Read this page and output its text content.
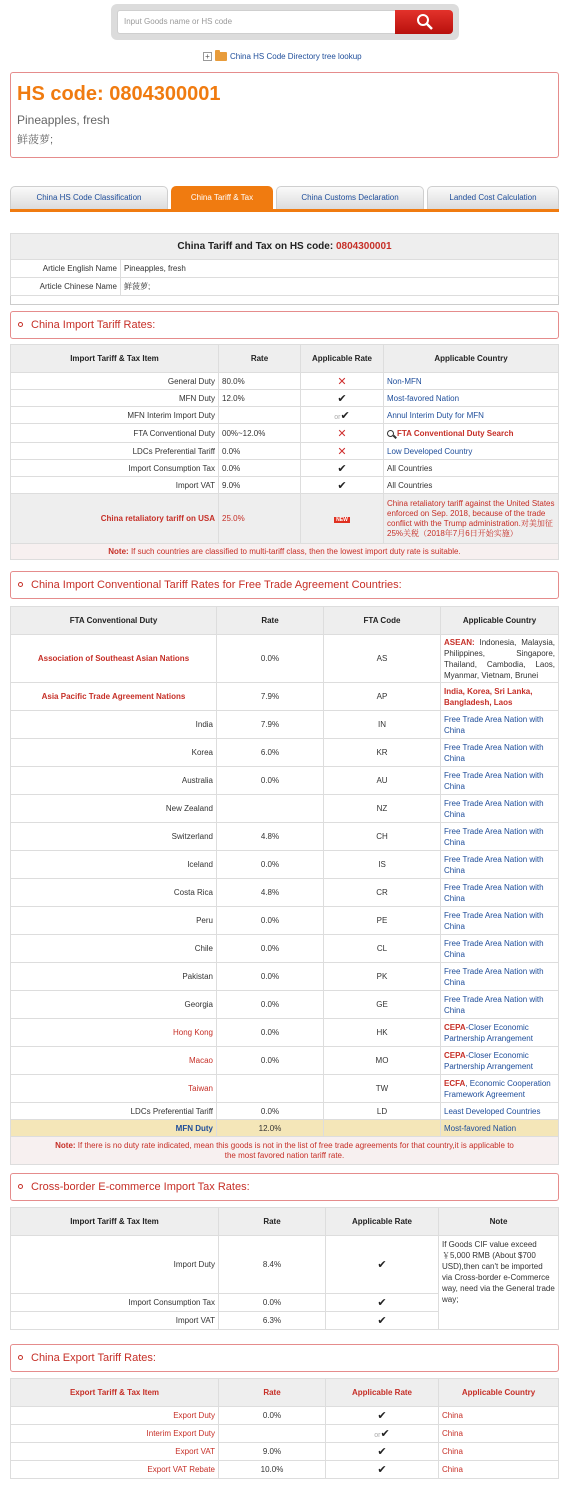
Input Goods name or HS code
+	China HS Code Directory tree lookup
HS code: 0804300001
Pineapples, fresh
鲜菠萝;
China HS Code Classification	China Tariff & Tax	China Customs Declaration	Landed Cost Calculation
China Tariff and Tax on HS code: 0804300001	
Article English Name	Pineapples, fresh
Article Chinese Name	鲜菠萝;
China Import Tariff Rates:
Import Tariff & Tax Item	Rate	Applicable Rate	Applicable Country
General Duty	80.0%	✕	Non-MFN
MFN Duty	12.0%	✔	Most-favored Nation
MFN Interim Import Duty		or✔	Annul Interim Duty for MFN
FTA Conventional Duty	00%~12.0%	✕	FTA Conventional Duty Search
LDCs Preferential Tariff	0.0%	✕	Low Developed Country
Import Consumption Tax	0.0%	✔	All Countries
Import VAT	9.0%	✔	All Countries
China retaliatory tariff on USA	25.0%	NEW	China retaliatory tariff against the United States enforced on Sep. 2018, because of the trade conflict with the Trump administration.对美加征25%关税（2018年7月6日开始实施）
Note: If such countries are classified to multi-tariff class, then the lowest import duty rate is suitable.			
China Import Conventional Tariff Rates for Free Trade Agreement Countries:
FTA Conventional Duty	Rate	FTA Code	Applicable Country
Association of Southeast Asian Nations	0.0%	AS	ASEAN: Indonesia, Malaysia, Philippines, Singapore, Thailand, Cambodia, Laos, Myanmar, Vietnam, Brunei
Asia Pacific Trade Agreement Nations	7.9%	AP	India, Korea, Sri Lanka, Bangladesh, Laos
India	7.9%	IN	Free Trade Area Nation with China
Korea	6.0%	KR	Free Trade Area Nation with China
Australia	0.0%	AU	Free Trade Area Nation with China
New Zealand		NZ	Free Trade Area Nation with China
Switzerland	4.8%	CH	Free Trade Area Nation with China
Iceland	0.0%	IS	Free Trade Area Nation with China
Costa Rica	4.8%	CR	Free Trade Area Nation with China
Peru	0.0%	PE	Free Trade Area Nation with China
Chile	0.0%	CL	Free Trade Area Nation with China
Pakistan	0.0%	PK	Free Trade Area Nation with China
Georgia	0.0%	GE	Free Trade Area Nation with China
Hong Kong	0.0%	HK	CEPA-Closer Economic Partnership Arrangement
Macao	0.0%	MO	CEPA-Closer Economic Partnership Arrangement
Taiwan		TW	ECFA, Economic Cooperation Framework Agreement
LDCs Preferential Tariff	0.0%	LD	Least Developed Countries
MFN Duty	12.0%		Most-favored Nation
Note: If there is no duty rate indicated, mean this goods is not in the list of free trade agreements for that country,it is applicable to the most favored nation tariff rate.			
Cross-border E-commerce Import Tax Rates:
Import Tariff & Tax Item	Rate	Applicable Rate	Note
Import Duty	8.4%	✔	If Goods CIF value exceed ￥5,000 RMB (About $700 USD),then can't be imported via Cross-border e-Commerce way, need via the General trade way;
Import Consumption Tax	0.0%	✔	
Import VAT	6.3%	✔	
China Export Tariff Rates:
Export Tariff & Tax Item	Rate	Applicable Rate	Applicable Country
Export Duty	0.0%	✔	China
Interim Export Duty		or✔	China
Export VAT	9.0%	✔	China
Export VAT Rebate	10.0%	✔	China
